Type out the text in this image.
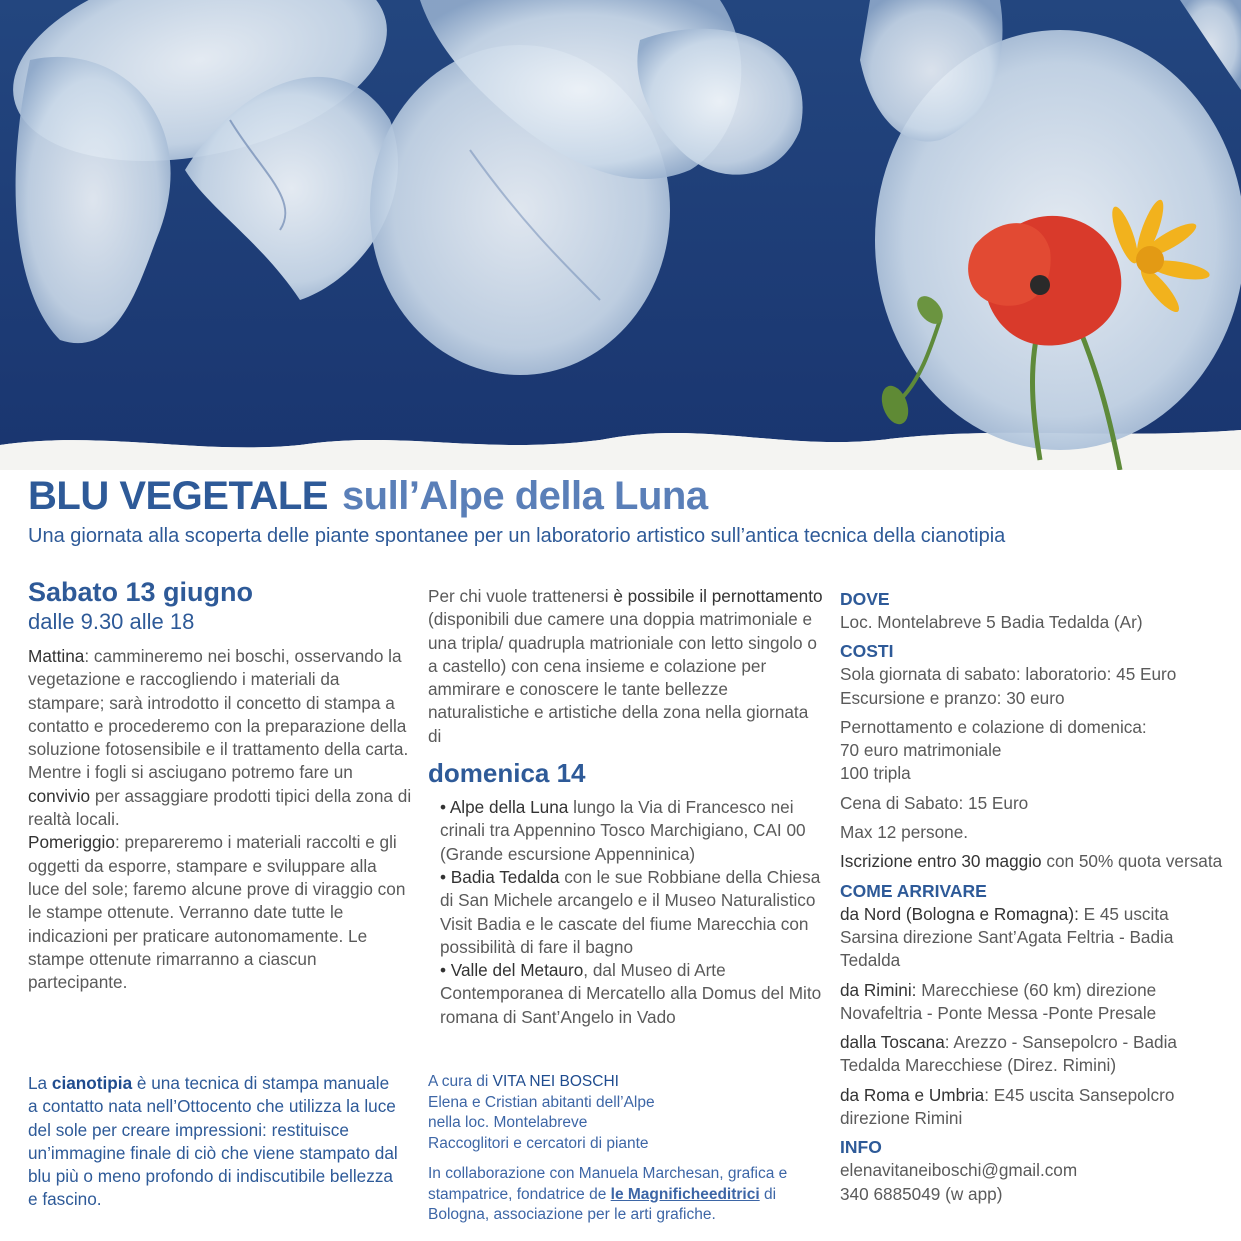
BLU VEGETALE sull’Alpe della Luna

Una giornata alla scoperta delle piante spontanee per un laboratorio artistico sull’antica tecnica della cianotipia

Sabato 13 giugno
dalle 9.30 alle 18

Mattina: cammineremo nei boschi, osservando la vegetazione e raccogliendo i materiali da stampare; sarà introdotto il concetto di stampa a contatto e procederemo con la preparazione della soluzione fotosensibile e il trattamento della carta.

Mentre i fogli si asciugano potremo fare un convivio per assaggiare prodotti tipici della zona di realtà locali.

Pomeriggio: prepareremo i materiali raccolti e gli oggetti da esporre, stampare e sviluppare alla luce del sole; faremo alcune prove di viraggio con le stampe ottenute. Verranno date tutte le indicazioni per praticare autonomamente. Le stampe ottenute rimarranno a ciascun partecipante.

La cianotipia è una tecnica di stampa manuale a contatto nata nell’Ottocento che utilizza la luce del sole per creare impressioni: restituisce un’immagine finale di ciò che viene stampato dal blu più o meno profondo di indiscutibile bellezza e fascino.

Per chi vuole trattenersi è possibile il pernottamento (disponibili due camere una doppia matrimoniale e una tripla/ quadrupla matrioniale con letto singolo o a castello) con cena insieme e colazione per ammirare e conoscere le tante bellezze naturalistiche e artistiche della zona nella giornata di

domenica 14

• Alpe della Luna lungo la Via di Francesco nei crinali tra Appennino Tosco Marchigiano, CAI 00 (Grande escursione Appenninica)

• Badia Tedalda con le sue Robbiane della Chiesa di San Michele arcangelo e il Museo Naturalistico Visit Badia e le cascate del fiume Marecchia con possibilità di fare il bagno

• Valle del Metauro, dal Museo di Arte Contemporanea di Mercatello alla Domus del Mito romana di Sant’Angelo in Vado

A cura di VITA NEI BOSCHI

Elena e Cristian abitanti dell’Alpe

nella loc. Montelabreve

Raccoglitori e cercatori di piante

In collaborazione con Manuela Marchesan, grafica e stampatrice, fondatrice de le Magnificheeditrici di Bologna, associazione per le arti grafiche.

DOVE
Loc. Montelabreve 5 Badia Tedalda (Ar)
COSTI
Sola giornata di sabato: laboratorio: 45 Euro
Escursione e pranzo: 30 euro
Pernottamento e colazione di domenica:
70 euro matrimoniale
100 tripla
Cena di Sabato: 15 Euro
Max 12 persone.
Iscrizione entro 30 maggio con 50% quota versata
COME ARRIVARE
da Nord (Bologna e Romagna): E 45 uscita Sarsina direzione Sant’Agata Feltria - Badia Tedalda
da Rimini: Marecchiese (60 km) direzione Novafeltria - Ponte Messa -Ponte Presale
dalla Toscana: Arezzo - Sansepolcro - Badia Tedalda Marecchiese (Direz. Rimini)
da Roma e Umbria: E45 uscita Sansepolcro direzione Rimini
INFO
elenavitaneiboschi@gmail.com
340 6885049 (w app)
